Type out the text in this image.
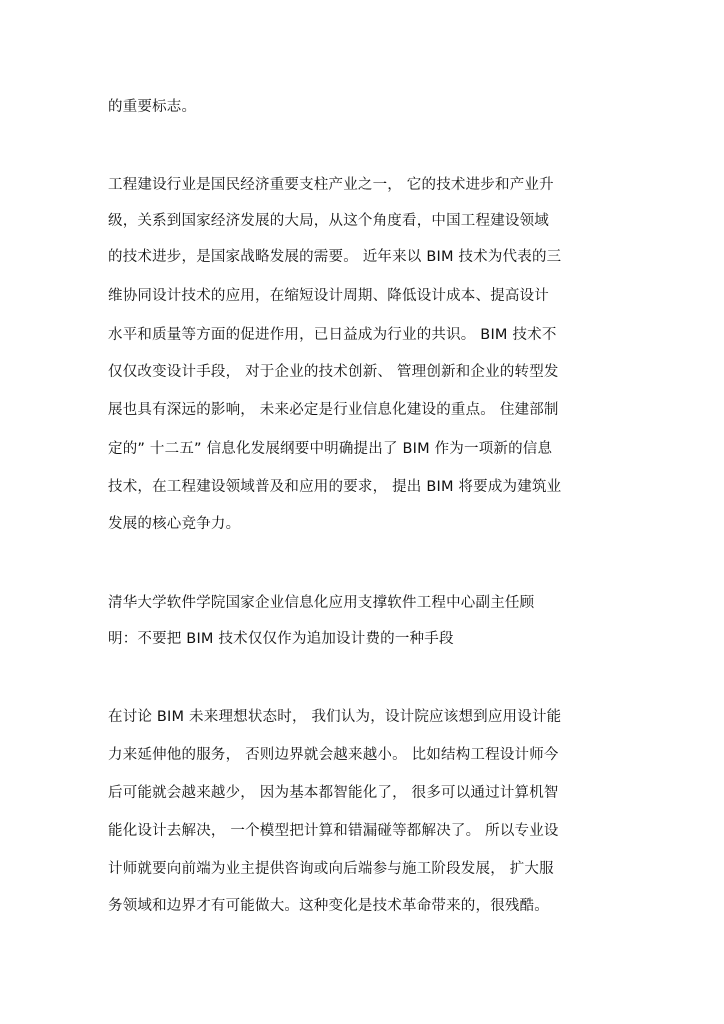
的重要标志。
工程建设行业是国民经济重要支柱产业之一， 它的技术进步和产业升
级，关系到国家经济发展的大局，从这个角度看，中国工程建设领域
的技术进步，是国家战略发展的需要。 近年来以 BIM 技术为代表的三
维协同设计技术的应用，在缩短设计周期、降低设计成本、提高设计
水平和质量等方面的促进作用，已日益成为行业的共识。 BIM 技术不
仅仅改变设计手段， 对于企业的技术创新、 管理创新和企业的转型发
展也具有深远的影响， 未来必定是行业信息化建设的重点。 住建部制
定的” 十二五” 信息化发展纲要中明确提出了 BIM 作为一项新的信息
技术，在工程建设领域普及和应用的要求， 提出 BIM 将要成为建筑业
发展的核心竞争力。
清华大学软件学院国家企业信息化应用支撑软件工程中心副主任顾
明：不要把 BIM 技术仅仅作为追加设计费的一种手段
在讨论 BIM 未来理想状态时， 我们认为，设计院应该想到应用设计能
力来延伸他的服务， 否则边界就会越来越小。 比如结构工程设计师今
后可能就会越来越少， 因为基本都智能化了， 很多可以通过计算机智
能化设计去解决， 一个模型把计算和错漏碰等都解决了。 所以专业设
计师就要向前端为业主提供咨询或向后端参与施工阶段发展， 扩大服
务领域和边界才有可能做大。这种变化是技术革命带来的，很残酷。
